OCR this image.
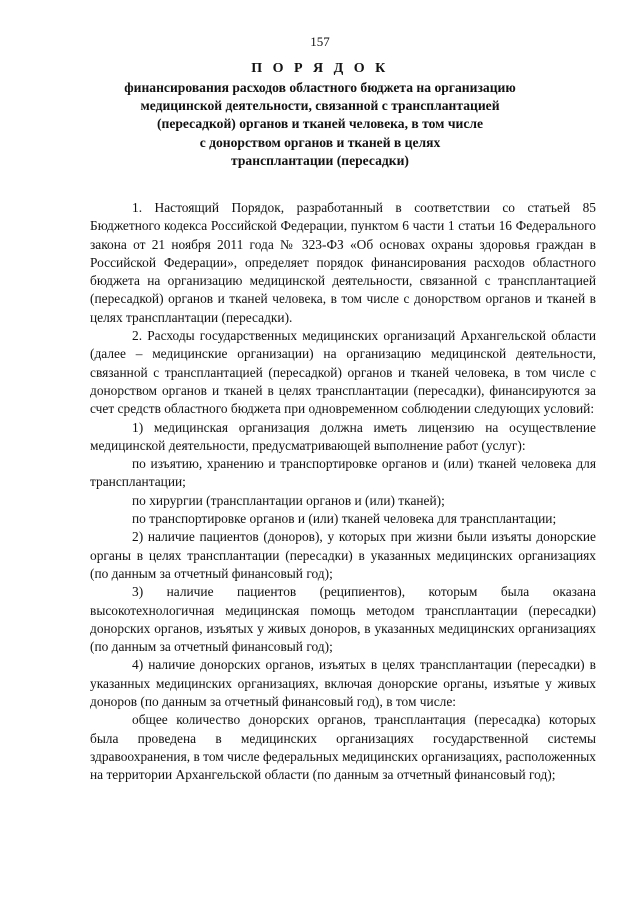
157
П О Р Я Д О К
финансирования расходов областного бюджета на организацию
медицинской деятельности, связанной с трансплантацией
(пересадкой) органов и тканей человека, в том числе
с донорством органов и тканей в целях
трансплантации (пересадки)

1. Настоящий Порядок, разработанный в соответствии со статьей 85 Бюджетного кодекса Российской Федерации, пунктом 6 части 1 статьи 16 Федерального закона от 21 ноября 2011 года № 323-ФЗ «Об основах охраны здоровья граждан в Российской Федерации», определяет порядок финансирования расходов областного бюджета на организацию медицинской деятельности, связанной с трансплантацией (пересадкой) органов и тканей человека, в том числе с донорством органов и тканей в целях трансплантации (пересадки).

2. Расходы государственных медицинских организаций Архангельской области (далее – медицинские организации) на организацию медицинской деятельности, связанной с трансплантацией (пересадкой) органов и тканей человека, в том числе с донорством органов и тканей в целях трансплантации (пересадки), финансируются за счет средств областного бюджета при одновременном соблюдении следующих условий:

1) медицинская организация должна иметь лицензию на осуществление медицинской деятельности, предусматривающей выполнение работ (услуг):

по изъятию, хранению и транспортировке органов и (или) тканей человека для трансплантации;

по хирургии (трансплантации органов и (или) тканей);

по транспортировке органов и (или) тканей человека для трансплантации;

2) наличие пациентов (доноров), у которых при жизни были изъяты донорские органы в целях трансплантации (пересадки) в указанных медицинских организациях (по данным за отчетный финансовый год);

3) наличие пациентов (реципиентов), которым была оказана высокотехнологичная медицинская помощь методом трансплантации (пересадки) донорских органов, изъятых у живых доноров, в указанных медицинских организациях (по данным за отчетный финансовый год);

4) наличие донорских органов, изъятых в целях трансплантации (пересадки) в указанных медицинских организациях, включая донорские органы, изъятые у живых доноров (по данным за отчетный финансовый год), в том числе:

общее количество донорских органов, трансплантация (пересадка) которых была проведена в медицинских организациях государственной системы здравоохранения, в том числе федеральных медицинских организациях, расположенных на территории Архангельской области (по данным за отчетный финансовый год);
